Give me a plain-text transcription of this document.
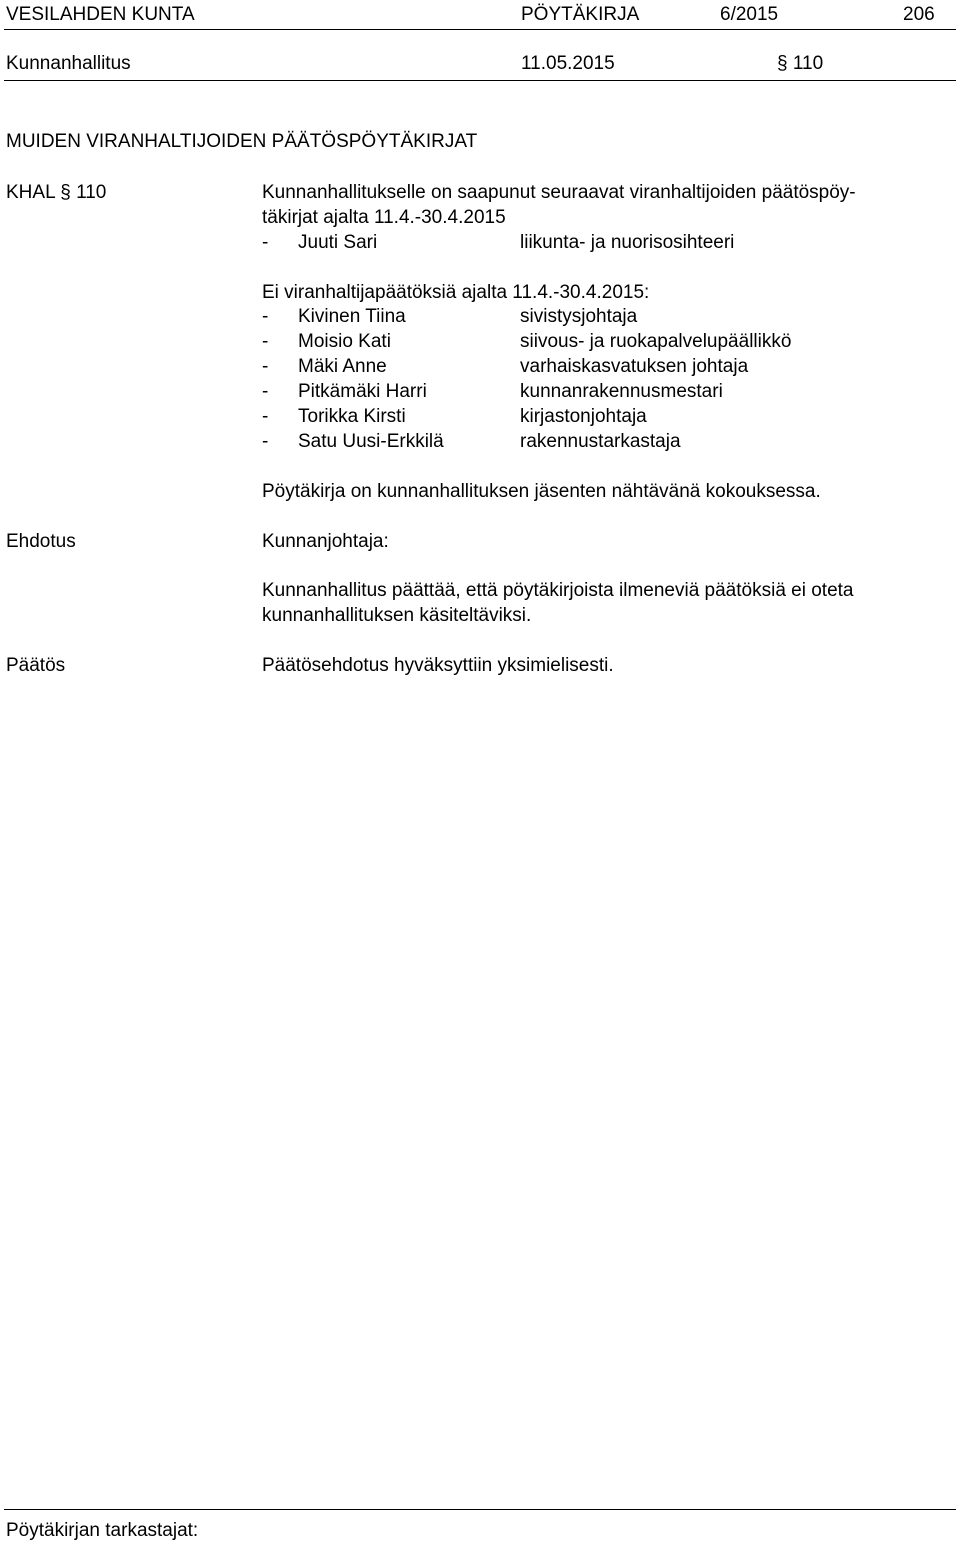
VESILAHDEN KUNTA	PÖYTÄKIRJA	6/2015	206
Kunnanhallitus	11.05.2015	§ 110
MUIDEN VIRANHALTIJOIDEN PÄÄTÖSPÖYTÄKIRJAT
KHAL § 110	Kunnanhallitukselle on saapunut seuraavat viranhaltijoiden päätöspöy-
täkirjat ajalta 11.4.-30.4.2015
- Juuti Sari	liikunta- ja nuorisosihteeri
Ei viranhaltijapäätöksiä ajalta 11.4.-30.4.2015:
- Kivinen Tiina	sivistysjohtaja
- Moisio Kati	siivous- ja ruokapalvelupäällikkö
- Mäki Anne	varhaiskasvatuksen johtaja
- Pitkämäki Harri	kunnanrakennusmestari
- Torikka Kirsti	kirjastonjohtaja
- Satu Uusi-Erkkilä	rakennustarkastaja
Pöytäkirja on kunnanhallituksen jäsenten nähtävänä kokouksessa.
Ehdotus	Kunnanjohtaja:
Kunnanhallitus päättää, että pöytäkirjoista ilmeneviä päätöksiä ei oteta
kunnanhallituksen käsiteltäviksi.
Päätös	Päätösehdotus hyväksyttiin yksimielisesti.
Pöytäkirjan tarkastajat:
